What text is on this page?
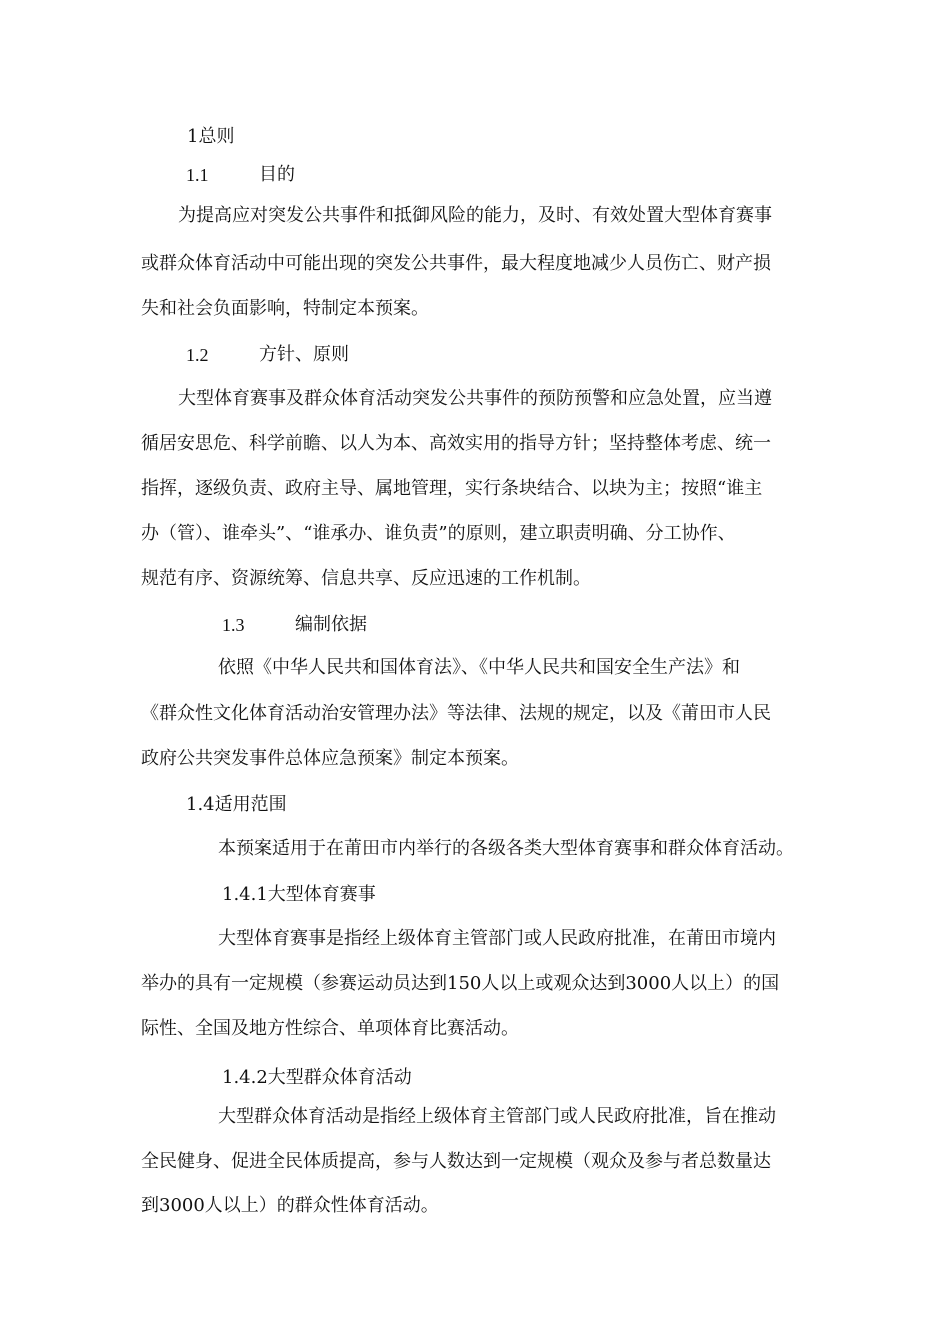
1总则
1.1	目的
为提高应对突发公共事件和抵御风险的能力，及时、有效处置大型体育赛事
或群众体育活动中可能出现的突发公共事件，最大程度地减少人员伤亡、财产损
失和社会负面影响，特制定本预案。
1.2	方针、原则
大型体育赛事及群众体育活动突发公共事件的预防预警和应急处置，应当遵
循居安思危、科学前瞻、以人为本、高效实用的指导方针；坚持整体考虑、统一
指挥，逐级负责、政府主导、属地管理，实行条块结合、以块为主；按照“谁主
办（管）、谁牵头”、“谁承办、谁负责”的原则，建立职责明确、分工协作、
规范有序、资源统筹、信息共享、反应迅速的工作机制。
1.3	编制依据
依照《中华人民共和国体育法》、《中华人民共和国安全生产法》和
《群众性文化体育活动治安管理办法》等法律、法规的规定，以及《莆田市人民
政府公共突发事件总体应急预案》制定本预案。
1.4适用范围
本预案适用于在莆田市内举行的各级各类大型体育赛事和群众体育活动。
1.4.1大型体育赛事
大型体育赛事是指经上级体育主管部门或人民政府批准，在莆田市境内
举办的具有一定规模（参赛运动员达到150人以上或观众达到3000人以上）的国
际性、全国及地方性综合、单项体育比赛活动。
1.4.2大型群众体育活动
大型群众体育活动是指经上级体育主管部门或人民政府批准，旨在推动
全民健身、促进全民体质提高，参与人数达到一定规模（观众及参与者总数量达
到3000人以上）的群众性体育活动。
